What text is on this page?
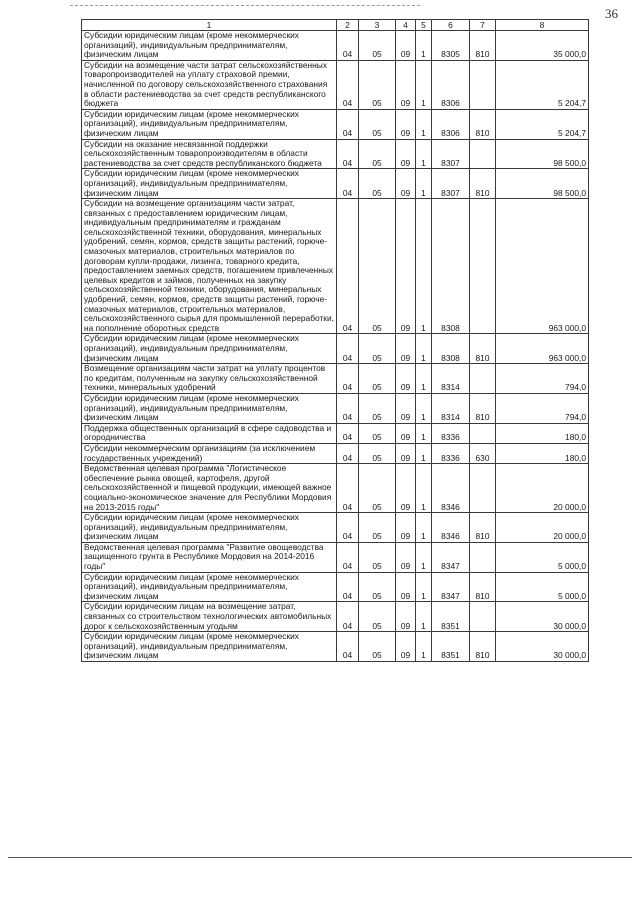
36
1	2	3	4	5	6	7	8
Субсидии юридическим лицам (кроме некоммерческих организаций), индивидуальным предпринимателям, физическим лицам	04	05	09	1	8305	810	35 000,0
Субсидии на возмещение части затрат сельскохозяйственных товаропроизводителей на уплату страховой премии, начисленной по договору сельскохозяйственного страхования в области растениеводства за счет средств республиканского бюджета	04	05	09	1	8306		5 204,7
Субсидии юридическим лицам (кроме некоммерческих организаций), индивидуальным предпринимателям, физическим лицам	04	05	09	1	8306	810	5 204,7
Субсидии на оказание несвязанной поддержки сельскохозяйственным товаропроизводителям в области растениеводства за счет средств республиканского бюджета	04	05	09	1	8307		98 500,0
Субсидии юридическим лицам (кроме некоммерческих организаций), индивидуальным предпринимателям, физическим лицам	04	05	09	1	8307	810	98 500,0
Субсидии на возмещение организациям части затрат, связанных с предоставлением юридическим лицам, индивидуальным предпринимателям и гражданам сельскохозяйственной техники, оборудования, минеральных удобрений, семян, кормов, средств защиты растений, горюче-смазочных материалов, строительных материалов по договорам купли-продажи, лизинга, товарного кредита, предоставлением заемных средств, погашением привлеченных целевых кредитов и займов, полученных на закупку сельскохозяйственной техники, оборудования, минеральных удобрений, семян, кормов, средств защиты растений, горюче-смазочных материалов, строительных материалов, сельскохозяйственного сырья для промышленной переработки, на пополнение оборотных средств	04	05	09	1	8308		963 000,0
Субсидии юридическим лицам (кроме некоммерческих организаций), индивидуальным предпринимателям, физическим лицам	04	05	09	1	8308	810	963 000,0
Возмещение организациям части затрат на уплату процентов по кредитам, полученным на закупку сельскохозяйственной техники, минеральных удобрений	04	05	09	1	8314		794,0
Субсидии юридическим лицам (кроме некоммерческих организаций), индивидуальным предпринимателям, физическим лицам	04	05	09	1	8314	810	794,0
Поддержка общественных организаций в сфере садоводства и огородничества	04	05	09	1	8336		180,0
Субсидии некоммерческим организациям (за исключением государственных учреждений)	04	05	09	1	8336	630	180,0
Ведомственная целевая программа "Логистическое обеспечение рынка овощей, картофеля, другой сельскохозяйственной и пищевой продукции, имеющей важное социально-экономическое значение для Республики Мордовия на 2013-2015 годы"	04	05	09	1	8346		20 000,0
Субсидии юридическим лицам (кроме некоммерческих организаций), индивидуальным предпринимателям, физическим лицам	04	05	09	1	8346	810	20 000,0
Ведомственная целевая программа "Развитие овощеводства защищенного грунта в Республике Мордовия на 2014-2016 годы"	04	05	09	1	8347		5 000,0
Субсидии юридическим лицам (кроме некоммерческих организаций), индивидуальным предпринимателям, физическим лицам	04	05	09	1	8347	810	5 000,0
Субсидии юридическим лицам на возмещение затрат, связанных со строительством технологических автомобильных дорог к сельскохозяйственным угодьям	04	05	09	1	8351		30 000,0
Субсидии юридическим лицам (кроме некоммерческих организаций), индивидуальным предпринимателям, физическим лицам	04	05	09	1	8351	810	30 000,0
